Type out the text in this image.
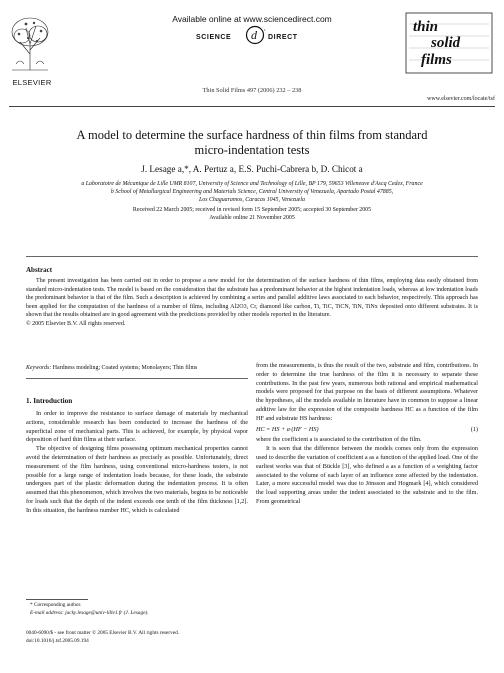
ELSEVIER
Available online at www.sciencedirect.com
SCIENCE d DIRECT
•
Thin Solid Films 497 (2006) 232 – 238
thin
solid
films
www.elsevier.com/locate/tsf
A model to determine the surface hardness of thin films from standard
micro-indentation tests
J. Lesage a,*, A. Pertuz a, E.S. Puchi-Cabrera b, D. Chicot a
a Laboratoire de Mécanique de Lille UMR 8107, University of Science and Technology of Lille, BP 179, 59653 Villeneuve d'Ascq Cedex, France
b School of Metallurgical Engineering and Materials Science, Central University of Venezuela, Apartado Postal 47885,
Los Chaguaramos, Caracas 1045, Venezuela
Received 22 March 2005; received in revised form 15 September 2005; accepted 30 September 2005
Available online 21 November 2005
Abstract
The present investigation has been carried out in order to propose a new model for the determination of the surface hardness of thin films, employing data easily obtained from standard micro-indentation tests. The model is based on the consideration that the substrate has a predominant behavior at the highest indentation loads, whereas at low indentation loads the predominant behavior is that of the film. Such a description is achieved by combining a series and parallel additive laws associated to each behavior, respectively. This approach has been applied for the computation of the hardness of a number of films, including Al2O3, Cr, diamond like carbon, Ti, TiC, TiCN, TiN, TiNx deposited onto different substrates. It is shown that the results obtained are in good agreement with the predictions provided by other models reported in the literature.
© 2005 Elsevier B.V. All rights reserved.
Keywords: Hardness modeling; Coated systems; Monolayers; Thin films
1. Introduction

In order to improve the resistance to surface damage of materials by mechanical actions, considerable research has been conducted to increase the hardness of the superficial zone of mechanical parts. This is achieved, for example, by physical vapor deposition of hard thin films at their surface.

The objective of designing films possessing optimum mechanical properties cannot avoid the determination of their hardness as precisely as possible. Unfortunately, direct measurement of the film hardness, using conventional micro-hardness testers, is not possible for a large range of indentation loads because, for these loads, the substrate undergoes part of the plastic deformation during the indentation process. It is often assumed that this phenomenon, which involves the two materials, begins to be noticeable for loads such that the depth of the indent exceeds one tenth of the film thickness [1,2]. In this situation, the hardness number HC, which is calculated

from the measurements, is thus the result of the two, substrate and film, contributions. In order to determine the true hardness of the film it is necessary to separate these contributions. In the past few years, numerous both rational and empirical mathematical models were proposed for that purpose on the basis of different assumptions. Whatever the hypotheses, all the models available in literature have in common to suppose a linear additive law for the expression of the composite hardness HC as a function of the film HF and substrate HS hardness:

HC = HS + a·(HF − HS)	(1)

where the coefficient a is associated to the contribution of the film.

It is seen that the difference between the models comes only from the expression used to describe the variation of coefficient a as a function of the applied load. One of the earliest works was that of Bückle [3], who defined a as a function of a weighting factor associated to the volume of each layer of an influence zone affected by the indentation. Later, a more successful model was due to Jönsson and Hogmark [4], which considered the load supporting areas under the indent associated to the substrate and to the film. From geometrical

* Corresponding author.
E-mail address: jacky.lesage@univ-lille1.fr (J. Lesage).
0040-6090/$ - see front matter © 2005 Elsevier B.V. All rights reserved.
doi:10.1016/j.tsf.2005.09.194
